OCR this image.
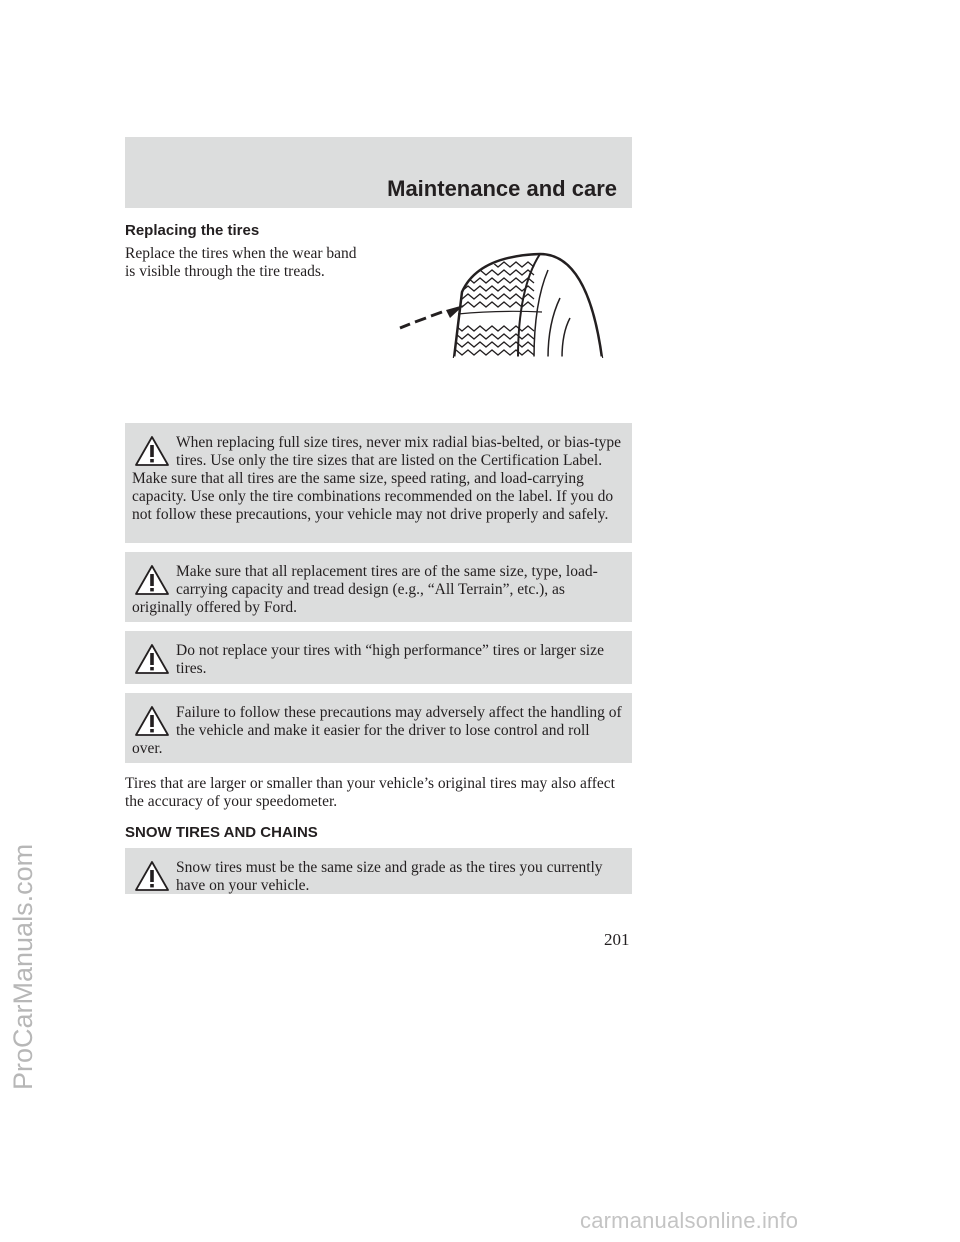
ProCarManuals.com
Maintenance and care
Replacing the tires
Replace the tires when the wear band is visible through the tire treads.
When replacing full size tires, never mix radial bias-belted, or bias-type tires. Use only the tire sizes that are listed on the Certification Label. Make sure that all tires are the same size, speed rating, and load-carrying capacity. Use only the tire combinations recommended on the label. If you do not follow these precautions, your vehicle may not drive properly and safely.
Make sure that all replacement tires are of the same size, type, load-carrying capacity and tread design (e.g., “All Terrain”, etc.), as originally offered by Ford.
Do not replace your tires with “high performance” tires or larger size tires.
Failure to follow these precautions may adversely affect the handling of the vehicle and make it easier for the driver to lose control and roll over.
Tires that are larger or smaller than your vehicle’s original tires may also affect the accuracy of your speedometer.
SNOW TIRES AND CHAINS
Snow tires must be the same size and grade as the tires you currently have on your vehicle.
201
carmanualsonline.info
